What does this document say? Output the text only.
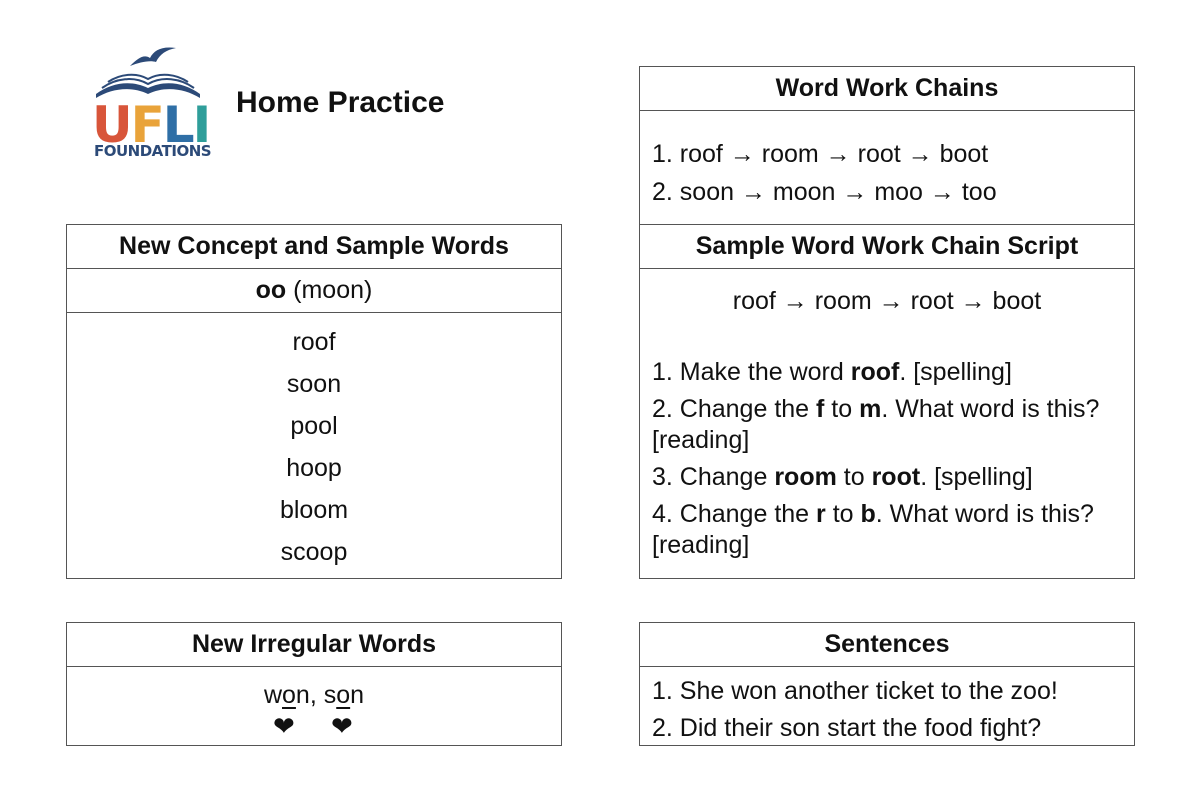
UFLI
FOUNDATIONS
Home Practice
New Concept and Sample Words
oo
(moon)
roof
soon
pool
hoop
bloom
scoop
New Irregular Words
won, son
❤ ❤
Word Work Chains
1. roof → room → root → boot
2. soon → moon → moo → too
Sample Word Work Chain Script
roof → room → root → boot
1. Make the word roof. [spelling]
2. Change the f to m. What word is this? [reading]
3. Change room to root. [spelling]
4. Change the r to b. What word is this? [reading]
Sentences
1. She won another ticket to the zoo!
2. Did their son start the food fight?
